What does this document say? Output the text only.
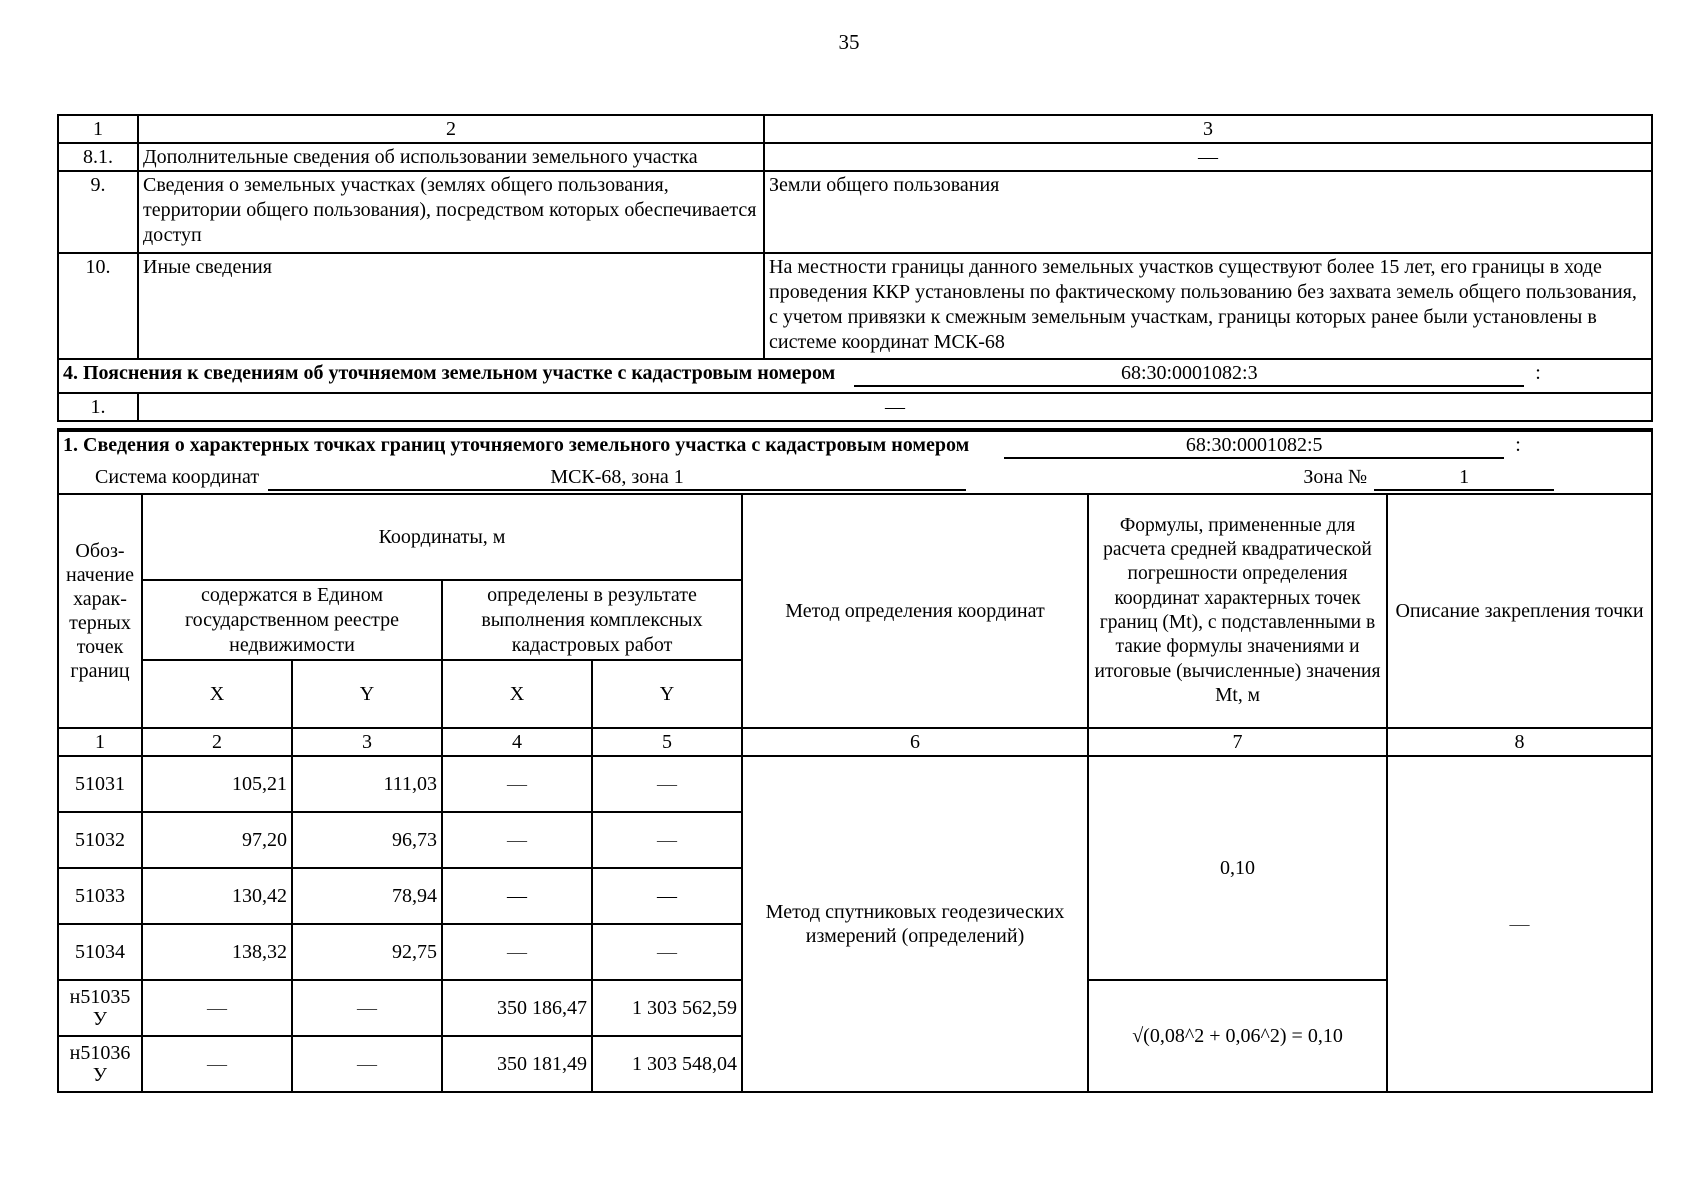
35
1	2	3
8.1.	Дополнительные сведения об использовании земельного участка	—
9.	Сведения о земельных участках (землях общего пользования, территории общего пользования), посредством которых обеспечивается доступ	Земли общего пользования
10.	Иные сведения	На местности границы данного земельных участков существуют более 15 лет, его границы в ходе проведения ККР установлены по фактическому пользованию без захвата земель общего пользования, с учетом привязки к смежным земельным участкам, границы которых ранее были установлены в системе координат МСК-68
4. Пояснения к сведениям об уточняемом земельном участке с кадастровым номером 68:30:0001082:3 :		
1.	—	
1. Сведения о характерных точках границ уточняемого земельного участка с кадастровым номером 68:30:0001082:5 :							
Система координат МСК-68, зона 1 Зона № 1							
Обоз-начение харак-терных точек границ	Координаты, м				Метод определения координат	Формулы, примененные для расчета средней квадратической погрешности определения координат характерных точек границ (Mt), с подставленными в такие формулы значениями и итоговые (вычисленные) значения Mt, м	Описание закрепления точки
	содержатся в Едином государственном реестре недвижимости		определены в результате выполнения комплексных кадастровых работ				
	X	Y	X	Y			
1	2	3	4	5	6	7	8
51031	105,21	111,03	—	—	Метод спутниковых геодезических измерений (определений)	0,10	—
51032	97,20	96,73	—	—			
51033	130,42	78,94	—	—			
51034	138,32	92,75	—	—			
н51035 У	—	—	350 186,47	1 303 562,59		√(0,08^2 + 0,06^2) = 0,10	
н51036 У	—	—	350 181,49	1 303 548,04			
